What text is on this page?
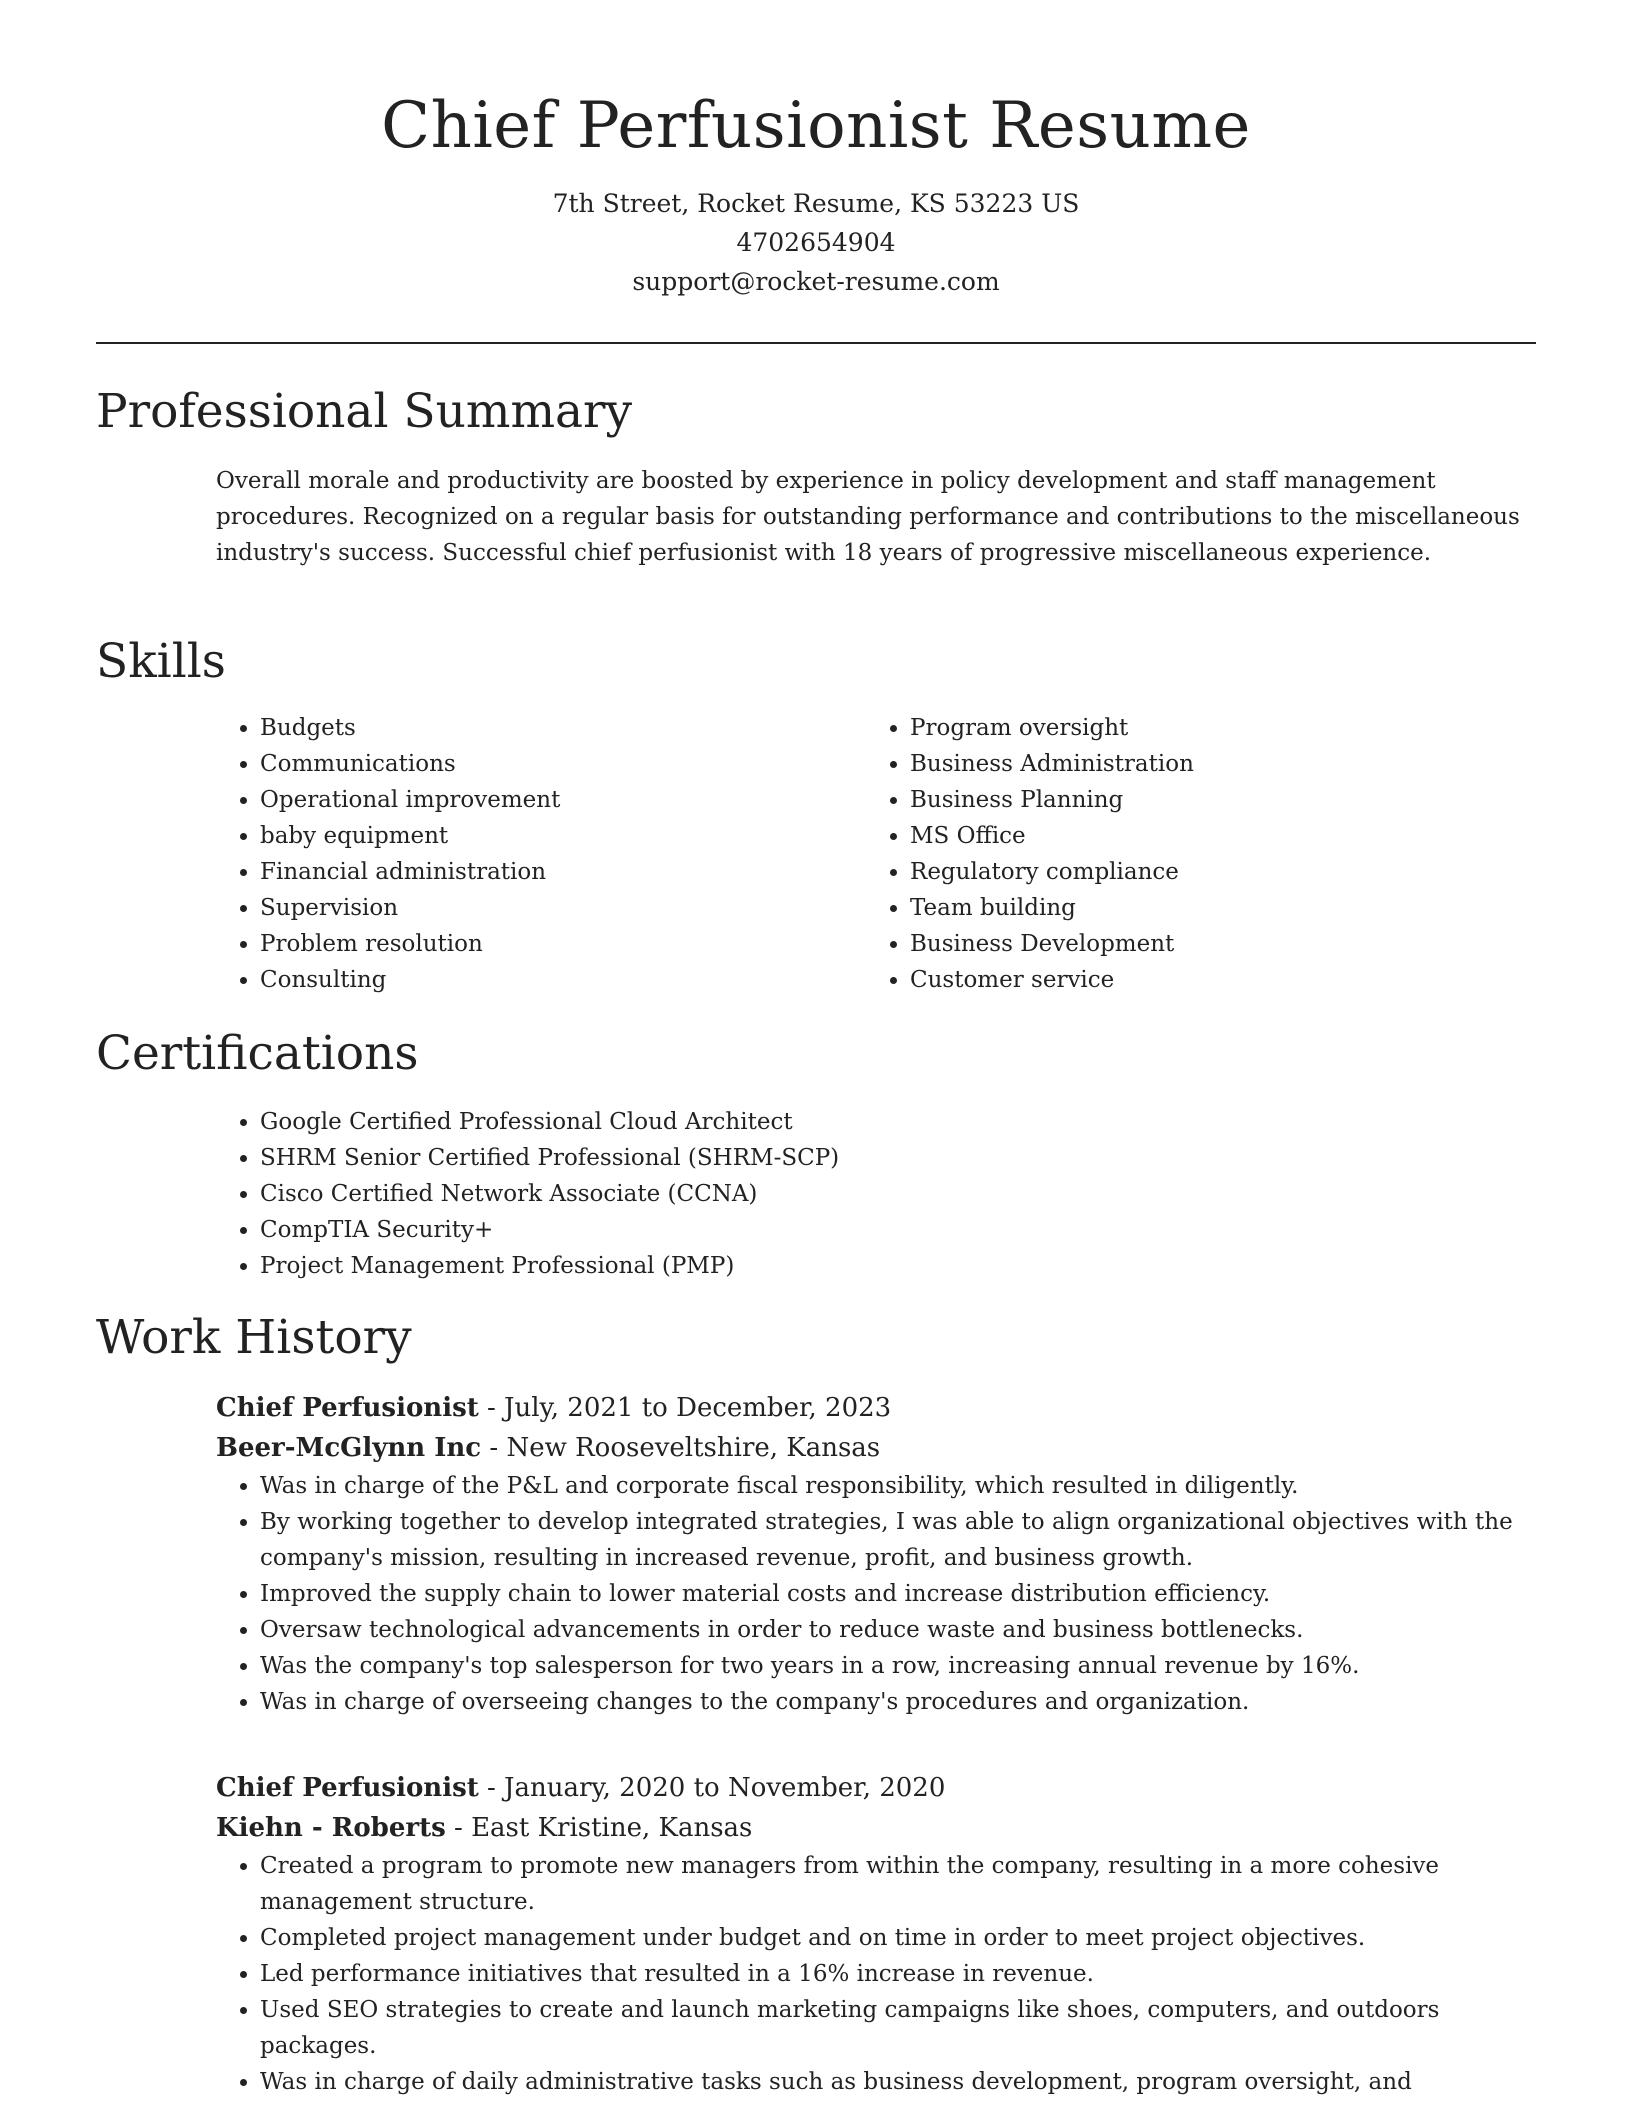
Chief Perfusionist Resume
7th Street, Rocket Resume, KS 53223 US
4702654904
support@rocket-resume.com
Professional Summary

Overall morale and productivity are boosted by experience in policy development and staff management procedures. Recognized on a regular basis for outstanding performance and contributions to the miscellaneous industry's success. Successful chief perfusionist with 18 years of progressive miscellaneous experience.

Skills
• Budgets
• Communications
• Operational improvement
• baby equipment
• Financial administration
• Supervision
• Problem resolution
• Consulting
• Program oversight
• Business Administration
• Business Planning
• MS Office
• Regulatory compliance
• Team building
• Business Development
• Customer service
Certifications
• Google Certified Professional Cloud Architect
• SHRM Senior Certified Professional (SHRM-SCP)
• Cisco Certified Network Associate (CCNA)
• CompTIA Security+
• Project Management Professional (PMP)
Work History
Chief Perfusionist - July, 2021 to December, 2023
Beer-McGlynn Inc - New Rooseveltshire, Kansas
• Was in charge of the P&L and corporate fiscal responsibility, which resulted in diligently.
• By working together to develop integrated strategies, I was able to align organizational objectives with the company's mission, resulting in increased revenue, profit, and business growth.
• Improved the supply chain to lower material costs and increase distribution efficiency.
• Oversaw technological advancements in order to reduce waste and business bottlenecks.
• Was the company's top salesperson for two years in a row, increasing annual revenue by 16%.
• Was in charge of overseeing changes to the company's procedures and organization.
Chief Perfusionist - January, 2020 to November, 2020
Kiehn - Roberts - East Kristine, Kansas
• Created a program to promote new managers from within the company, resulting in a more cohesive management structure.
• Completed project management under budget and on time in order to meet project objectives.
• Led performance initiatives that resulted in a 16% increase in revenue.
• Used SEO strategies to create and launch marketing campaigns like shoes, computers, and outdoors packages.
• Was in charge of daily administrative tasks such as business development, program oversight, and
